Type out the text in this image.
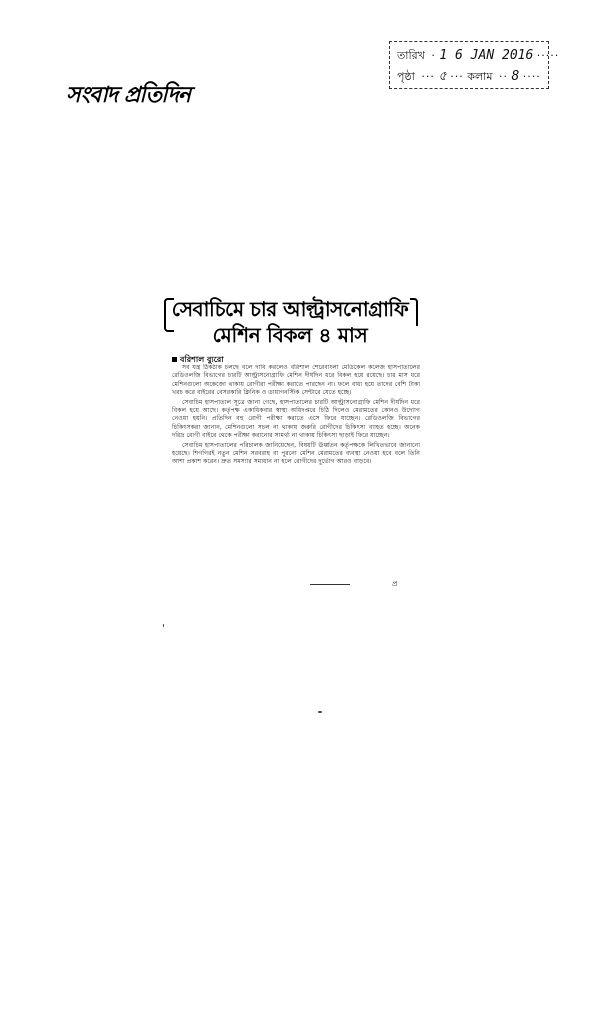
সংবাদ প্রতিদিন
তারিখ · 1 6 JAN 2016 ·····
পৃষ্ঠা ··· ৫ ··· কলাম ·· 8 ····
সেবাচিমে চার আল্ট্রাসনোগ্রাফি
মেশিন বিকল ৪ মাস
বরিশাল ব্যুরো

সব যন্ত্র ঠিকঠাক চলছে বলে দাবি করলেও বরিশাল শেরেবাংলা মেডিকেল কলেজ হাসপাতালের রেডিওলজি বিভাগের চারটি আল্ট্রাসনোগ্রাফি মেশিন দীর্ঘদিন ধরে বিকল হয়ে রয়েছে। চার মাস ধরে মেশিনগুলো অকেজো থাকায় রোগীরা পরীক্ষা করাতে পারছেন না। ফলে বাধ্য হয়ে তাদের বেশি টাকা খরচ করে বাইরের বেসরকারি ক্লিনিক ও ডায়াগনস্টিক সেন্টারে যেতে হচ্ছে।

সেবাচিম হাসপাতাল সূত্রে জানা গেছে, হাসপাতালের চারটি আল্ট্রাসনোগ্রাফি মেশিন দীর্ঘদিন ধরে বিকল হয়ে আছে। কর্তৃপক্ষ একাধিকবার স্বাস্থ্য অধিদপ্তরে চিঠি দিলেও মেরামতের কোনও উদ্যোগ নেওয়া হয়নি। প্রতিদিন বহু রোগী পরীক্ষা করাতে এসে ফিরে যাচ্ছেন। রেডিওলজি বিভাগের চিকিৎসকরা জানান, মেশিনগুলো সচল না থাকায় জরুরি রোগীদের চিকিৎসা ব্যাহত হচ্ছে। অনেক দরিদ্র রোগী বাইরে থেকে পরীক্ষা করানোর সামর্থ্য না থাকায় চিকিৎসা ছাড়াই ফিরে যাচ্ছেন।

সেবাচিম হাসপাতালের পরিচালক জানিয়েছেন, বিষয়টি ঊর্ধ্বতন কর্তৃপক্ষকে লিখিতভাবে জানানো হয়েছে। শিগগিরই নতুন মেশিন সরবরাহ বা পুরনো মেশিন মেরামতের ব্যবস্থা নেওয়া হবে বলে তিনি আশা প্রকাশ করেন। দ্রুত সমস্যার সমাধান না হলে রোগীদের দুর্ভোগ আরও বাড়বে।

প্র
